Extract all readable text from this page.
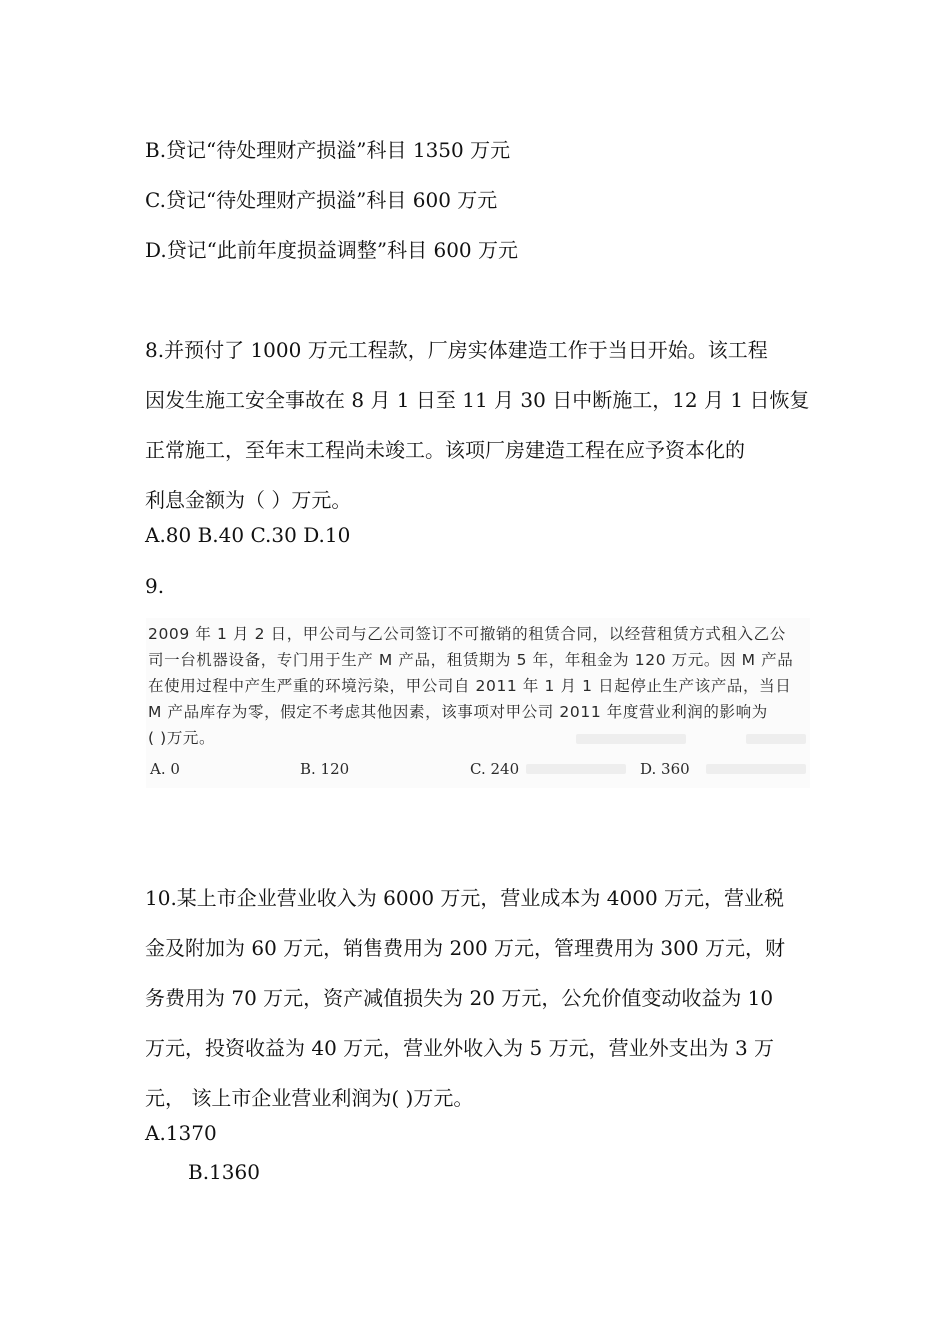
B.贷记“待处理财产损溢”科目 1350 万元
C.贷记“待处理财产损溢”科目 600 万元
D.贷记“此前年度损益调整”科目 600 万元
8.并预付了 1000 万元工程款，厂房实体建造工作于当日开始。该工程
因发生施工安全事故在 8 月 1 日至 11 月 30 日中断施工，12 月 1 日恢复
正常施工，至年末工程尚未竣工。该项厂房建造工程在应予资本化的
利息金额为（ ）万元。
A.80 B.40 C.30 D.10
9.
2009 年 1 月 2 日，甲公司与乙公司签订不可撤销的租赁合同，以经营租赁方式租入乙公
司一台机器设备，专门用于生产 M 产品，租赁期为 5 年，年租金为 120 万元。因 M 产品
在使用过程中产生严重的环境污染，甲公司自 2011 年 1 月 1 日起停止生产该产品，当日
M 产品库存为零，假定不考虑其他因素，该事项对甲公司 2011 年度营业利润的影响为
( )万元。
A. 0	B. 120	C. 240	D. 360
10.某上市企业营业收入为 6000 万元，营业成本为 4000 万元，营业税
金及附加为 60 万元，销售费用为 200 万元，管理费用为 300 万元，财
务费用为 70 万元，资产减值损失为 20 万元，公允价值变动收益为 10
万元，投资收益为 40 万元，营业外收入为 5 万元，营业外支出为 3 万
元， 该上市企业营业利润为( )万元。
A.1370
B.1360
